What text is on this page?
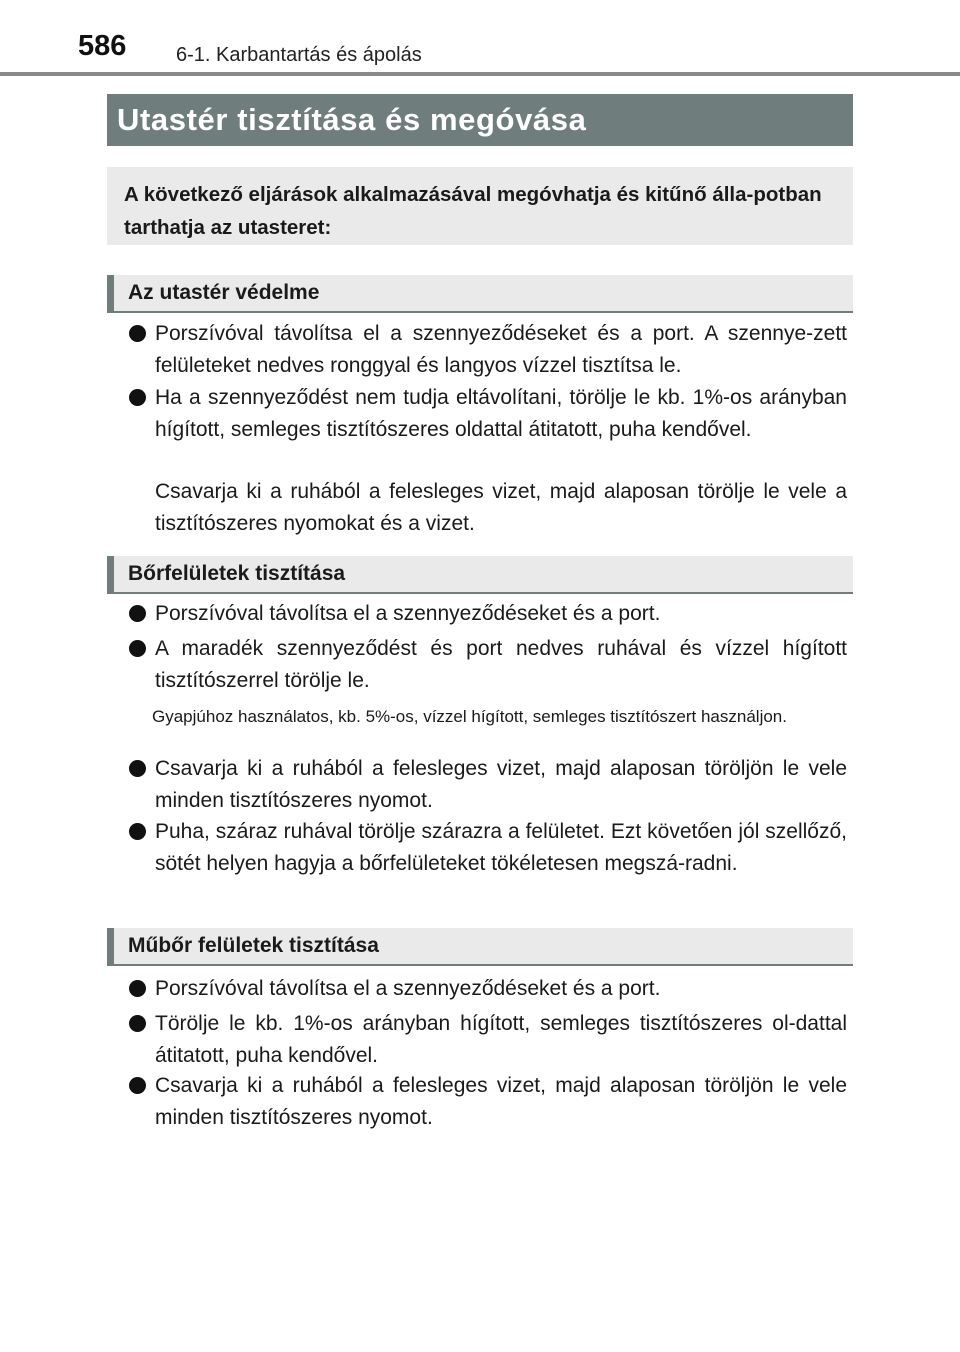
586 6-1. Karbantartás és ápolás
Utastér tisztítása és megóvása
A következő eljárások alkalmazásával megóvhatja és kitűnő álla-potban tarthatja az utasteret:
Az utastér védelme
Porszívóval távolítsa el a szennyeződéseket és a port. A szennye-zett felületeket nedves ronggyal és langyos vízzel tisztítsa le.
Ha a szennyeződést nem tudja eltávolítani, törölje le kb. 1%-os arányban hígított, semleges tisztítószeres oldattal átitatott, puha kendővel.
Csavarja ki a ruhából a felesleges vizet, majd alaposan törölje le vele a tisztítószeres nyomokat és a vizet.
Bőrfelületek tisztítása
Porszívóval távolítsa el a szennyeződéseket és a port.
A maradék szennyeződést és port nedves ruhával és vízzel hígított tisztítószerrel törölje le.
Gyapjúhoz használatos, kb. 5%-os, vízzel hígított, semleges tisztítószert használjon.
Csavarja ki a ruhából a felesleges vizet, majd alaposan töröljön le vele minden tisztítószeres nyomot.
Puha, száraz ruhával törölje szárazra a felületet. Ezt követően jól szellőző, sötét helyen hagyja a bőrfelületeket tökéletesen megszá-radni.
Műbőr felületek tisztítása
Porszívóval távolítsa el a szennyeződéseket és a port.
Törölje le kb. 1%-os arányban hígított, semleges tisztítószeres ol-dattal átitatott, puha kendővel.
Csavarja ki a ruhából a felesleges vizet, majd alaposan töröljön le vele minden tisztítószeres nyomot.
